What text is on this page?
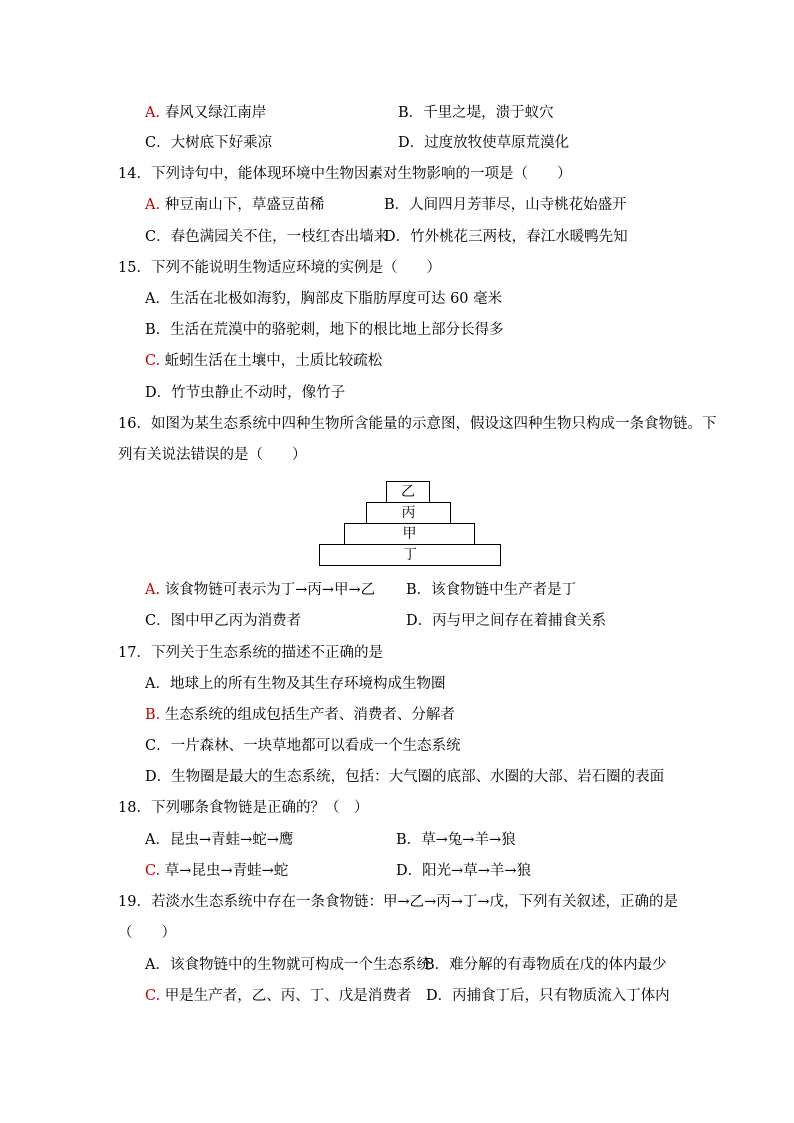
A. 春风又绿江南岸	B．千里之堤，溃于蚁穴
C．大树底下好乘凉	D．过度放牧使草原荒漠化
14．下列诗句中，能体现环境中生物因素对生物影响的一项是（　　）
A. 种豆南山下，草盛豆苗稀	B．人间四月芳菲尽，山寺桃花始盛开
C．春色满园关不住，一枝红杏出墙来
D．竹外桃花三两枝，春江水暖鸭先知
15．下列不能说明生物适应环境的实例是（　　）
A．生活在北极如海豹，胸部皮下脂肪厚度可达 60 毫米
B．生活在荒漠中的骆驼刺，地下的根比地上部分长得多
C. 蚯蚓生活在土壤中，土质比较疏松
D．竹节虫静止不动时，像竹子
16．如图为某生态系统中四种生物所含能量的示意图，假设这四种生物只构成一条食物链。下
列有关说法错误的是（　　）
乙
丙
甲
丁
A. 该食物链可表示为丁→丙→甲→乙 B．该食物链中生产者是丁
C．图中甲乙丙为消费者	D．丙与甲之间存在着捕食关系
17．下列关于生态系统的描述不正确的是
A．地球上的所有生物及其生存环境构成生物圈
B. 生态系统的组成包括生产者、消费者、分解者
C．一片森林、一块草地都可以看成一个生态系统
D．生物圈是最大的生态系统，包括：大气圈的底部、水圈的大部、岩石圈的表面
18．下列哪条食物链是正确的？（　）
A．昆虫→青蛙→蛇→鹰	B．草→兔→羊→狼
C. 草→昆虫→青蛙→蛇	D．阳光→草→羊→狼
19．若淡水生态系统中存在一条食物链：甲→乙→丙→丁→戊，下列有关叙述，正确的是
（　　）
A．该食物链中的生物就可构成一个生态系统
B．难分解的有毒物质在戊的体内最少
C. 甲是生产者，乙、丙、丁、戊是消费者 D．丙捕食丁后，只有物质流入丁体内
